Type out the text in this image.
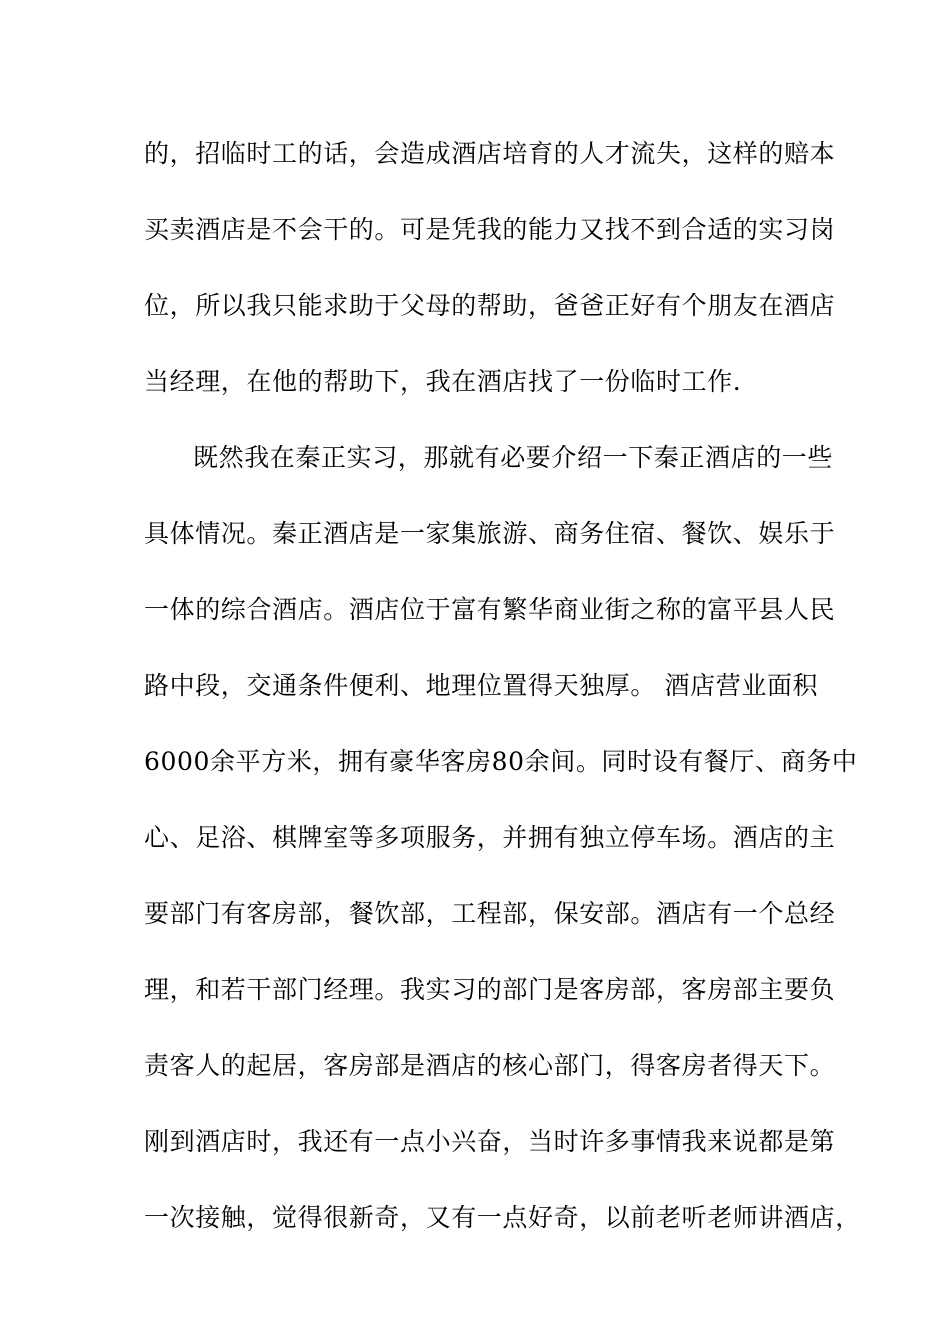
的，招临时工的话，会造成酒店培育的人才流失，这样的赔本
买卖酒店是不会干的。可是凭我的能力又找不到合适的实习岗
位，所以我只能求助于父母的帮助，爸爸正好有个朋友在酒店
当经理，在他的帮助下，我在酒店找了一份临时工作.
既然我在秦正实习，那就有必要介绍一下秦正酒店的一些
具体情况。秦正酒店是一家集旅游、商务住宿、餐饮、娱乐于
一体的综合酒店。酒店位于富有繁华商业街之称的富平县人民
路中段，交通条件便利、地理位置得天独厚。 酒店营业面积
6000余平方米，拥有豪华客房80余间。同时设有餐厅、商务中
心、足浴、棋牌室等多项服务，并拥有独立停车场。酒店的主
要部门有客房部，餐饮部，工程部，保安部。酒店有一个总经
理，和若干部门经理。我实习的部门是客房部，客房部主要负
责客人的起居，客房部是酒店的核心部门，得客房者得天下。
刚到酒店时，我还有一点小兴奋，当时许多事情我来说都是第
一次接触，觉得很新奇，又有一点好奇，以前老听老师讲酒店，
